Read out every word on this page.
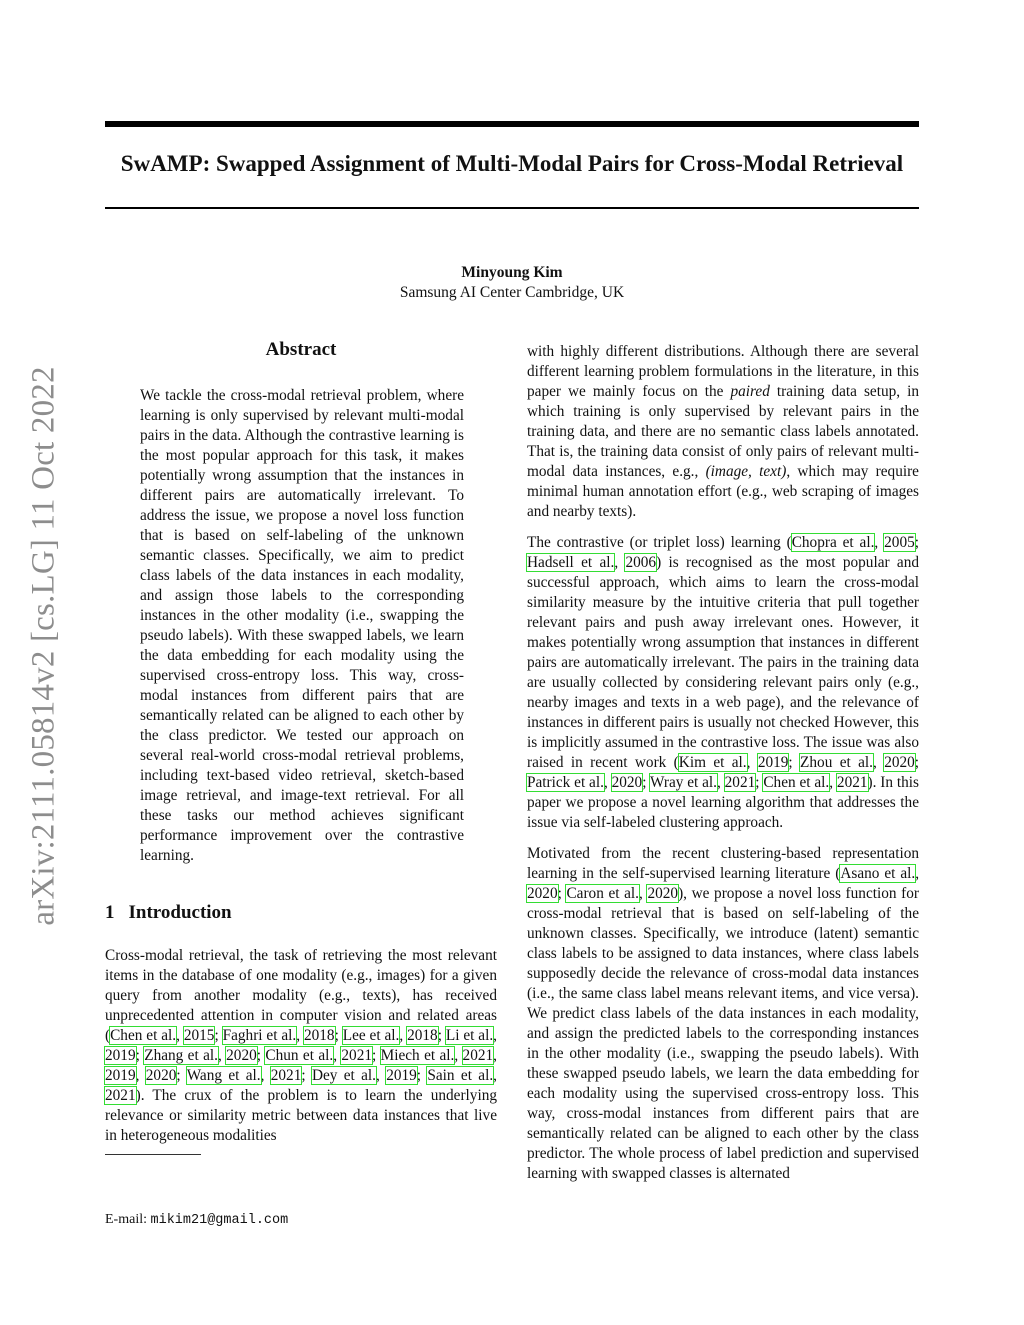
SwAMP: Swapped Assignment of Multi-Modal Pairs for Cross-Modal Retrieval
Minyoung Kim
Samsung AI Center Cambridge, UK
arXiv:2111.05814v2 [cs.LG] 11 Oct 2022
Abstract

We tackle the cross-modal retrieval problem, where learning is only supervised by relevant multi-modal pairs in the data. Although the contrastive learning is the most popular approach for this task, it makes potentially wrong assumption that the instances in different pairs are automatically irrelevant. To address the issue, we propose a novel loss function that is based on self-labeling of the unknown semantic classes. Specifically, we aim to predict class labels of the data instances in each modality, and assign those labels to the corresponding instances in the other modality (i.e., swapping the pseudo labels). With these swapped labels, we learn the data embedding for each modality using the supervised cross-entropy loss. This way, cross-modal instances from different pairs that are semantically related can be aligned to each other by the class predictor. We tested our approach on several real-world cross-modal retrieval problems, including text-based video retrieval, sketch-based image retrieval, and image-text retrieval. For all these tasks our method achieves significant performance improvement over the contrastive learning.

1 Introduction

Cross-modal retrieval, the task of retrieving the most relevant items in the database of one modality (e.g., images) for a given query from another modality (e.g., texts), has received unprecedented attention in computer vision and related areas (Chen et al., 2015; Faghri et al., 2018; Lee et al., 2018; Li et al., 2019; Zhang et al., 2020; Chun et al., 2021; Miech et al., 2021, 2019, 2020; Wang et al., 2021; Dey et al., 2019; Sain et al., 2021). The crux of the problem is to learn the underlying relevance or similarity metric between data instances that live in heterogeneous modalities

E-mail: mikim21@gmail.com

with highly different distributions. Although there are several different learning problem formulations in the literature, in this paper we mainly focus on the paired training data setup, in which training is only supervised by relevant pairs in the training data, and there are no semantic class labels annotated. That is, the training data consist of only pairs of relevant multi-modal data instances, e.g., (image, text), which may require minimal human annotation effort (e.g., web scraping of images and nearby texts).

The contrastive (or triplet loss) learning (Chopra et al., 2005; Hadsell et al., 2006) is recognised as the most popular and successful approach, which aims to learn the cross-modal similarity measure by the intuitive criteria that pull together relevant pairs and push away irrelevant ones. However, it makes potentially wrong assumption that instances in different pairs are automatically irrelevant. The pairs in the training data are usually collected by considering relevant pairs only (e.g., nearby images and texts in a web page), and the relevance of instances in different pairs is usually not checked However, this is implicitly assumed in the contrastive loss. The issue was also raised in recent work (Kim et al., 2019; Zhou et al., 2020; Patrick et al., 2020; Wray et al., 2021; Chen et al., 2021). In this paper we propose a novel learning algorithm that addresses the issue via self-labeled clustering approach.

Motivated from the recent clustering-based representation learning in the self-supervised learning literature (Asano et al., 2020; Caron et al., 2020), we propose a novel loss function for cross-modal retrieval that is based on self-labeling of the unknown classes. Specifically, we introduce (latent) semantic class labels to be assigned to data instances, where class labels supposedly decide the relevance of cross-modal data instances (i.e., the same class label means relevant items, and vice versa). We predict class labels of the data instances in each modality, and assign the predicted labels to the corresponding instances in the other modality (i.e., swapping the pseudo labels). With these swapped pseudo labels, we learn the data embedding for each modality using the supervised cross-entropy loss. This way, cross-modal instances from different pairs that are semantically related can be aligned to each other by the class predictor. The whole process of label prediction and supervised learning with swapped classes is alternated
